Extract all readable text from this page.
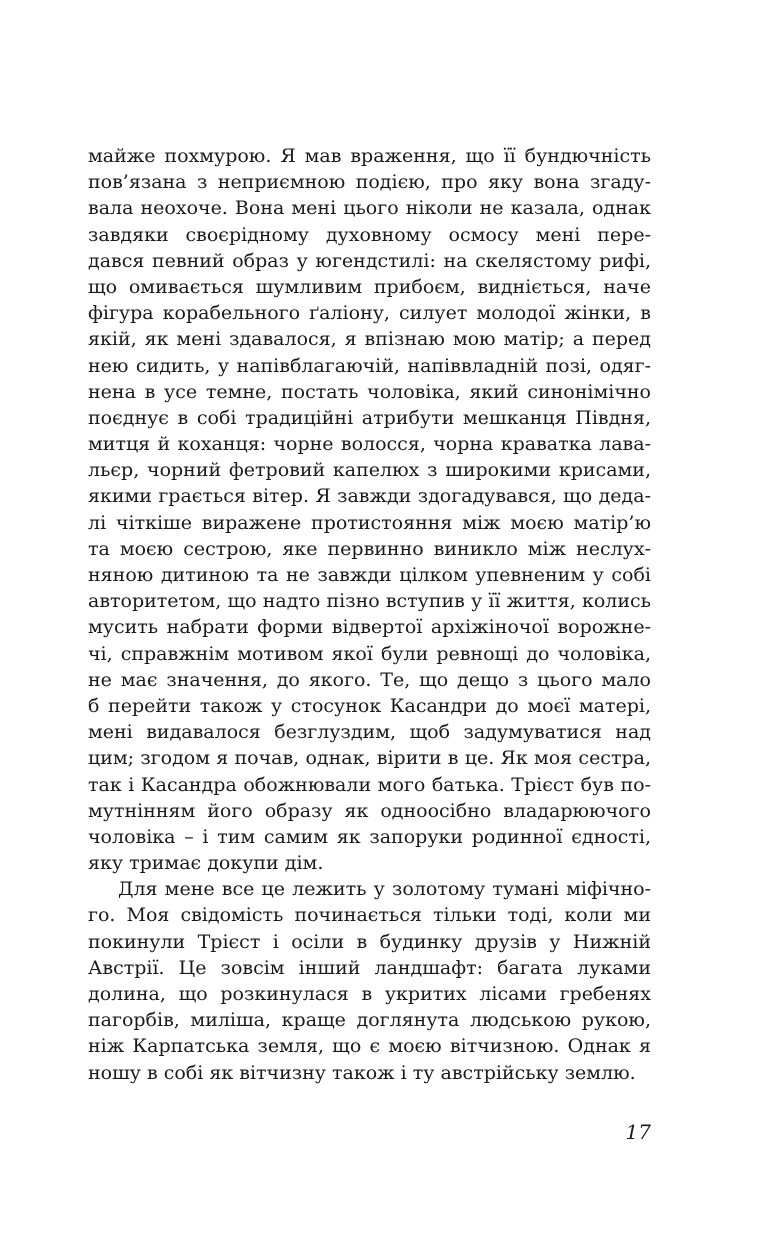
майже похмурою. Я мав враження, що її бундючність
пов’язана з неприємною подією, про яку вона згаду-
вала неохоче. Вона мені цього ніколи не казала, однак
завдяки своєрідному духовному осмосу мені пере-
дався певний образ у югендстилі: на скелястому рифі,
що омивається шумливим прибоєм, видніється, наче
фігура корабельного ґаліону, силует молодої жінки, в
якій, як мені здавалося, я впізнаю мою матір; а перед
нею сидить, у напівблагаючій, напіввладній позі, одяг-
нена в усе темне, постать чоловіка, який синонімічно
поєднує в собі традиційні атрибути мешканця Півдня,
митця й коханця: чорне волосся, чорна краватка лава-
льєр, чорний фетровий капелюх з широкими крисами,
якими грається вітер. Я завжди здогадувався, що деда-
лі чіткіше виражене протистояння між моєю матір’ю
та моєю сестрою, яке первинно виникло між неслух-
няною дитиною та не завжди цілком упевненим у собі
авторитетом, що надто пізно вступив у її життя, колись
мусить набрати форми відвертої архіжіночої ворожне-
чі, справжнім мотивом якої були ревнощі до чоловіка,
не має значення, до якого. Те, що дещо з цього мало
б перейти також у стосунок Касандри до моєї матері,
мені видавалося безглуздим, щоб задумуватися над
цим; згодом я почав, однак, вірити в це. Як моя сестра,
так і Касандра обожнювали мого батька. Трієст був по-
мутнінням його образу як одноосібно владарюючого
чоловіка – і тим самим як запоруки родинної єдності,
яку тримає докупи дім.
Для мене все це лежить у золотому тумані міфічно-
го. Моя свідомість починається тільки тоді, коли ми
покинули Трієст і осіли в будинку друзів у Нижній
Австрії. Це зовсім інший ландшафт: багата луками
долина, що розкинулася в укритих лісами гребенях
пагорбів, миліша, краще доглянута людською рукою,
ніж Карпатська земля, що є моєю вітчизною. Однак я
ношу в собі як вітчизну також і ту австрійську землю.
17
